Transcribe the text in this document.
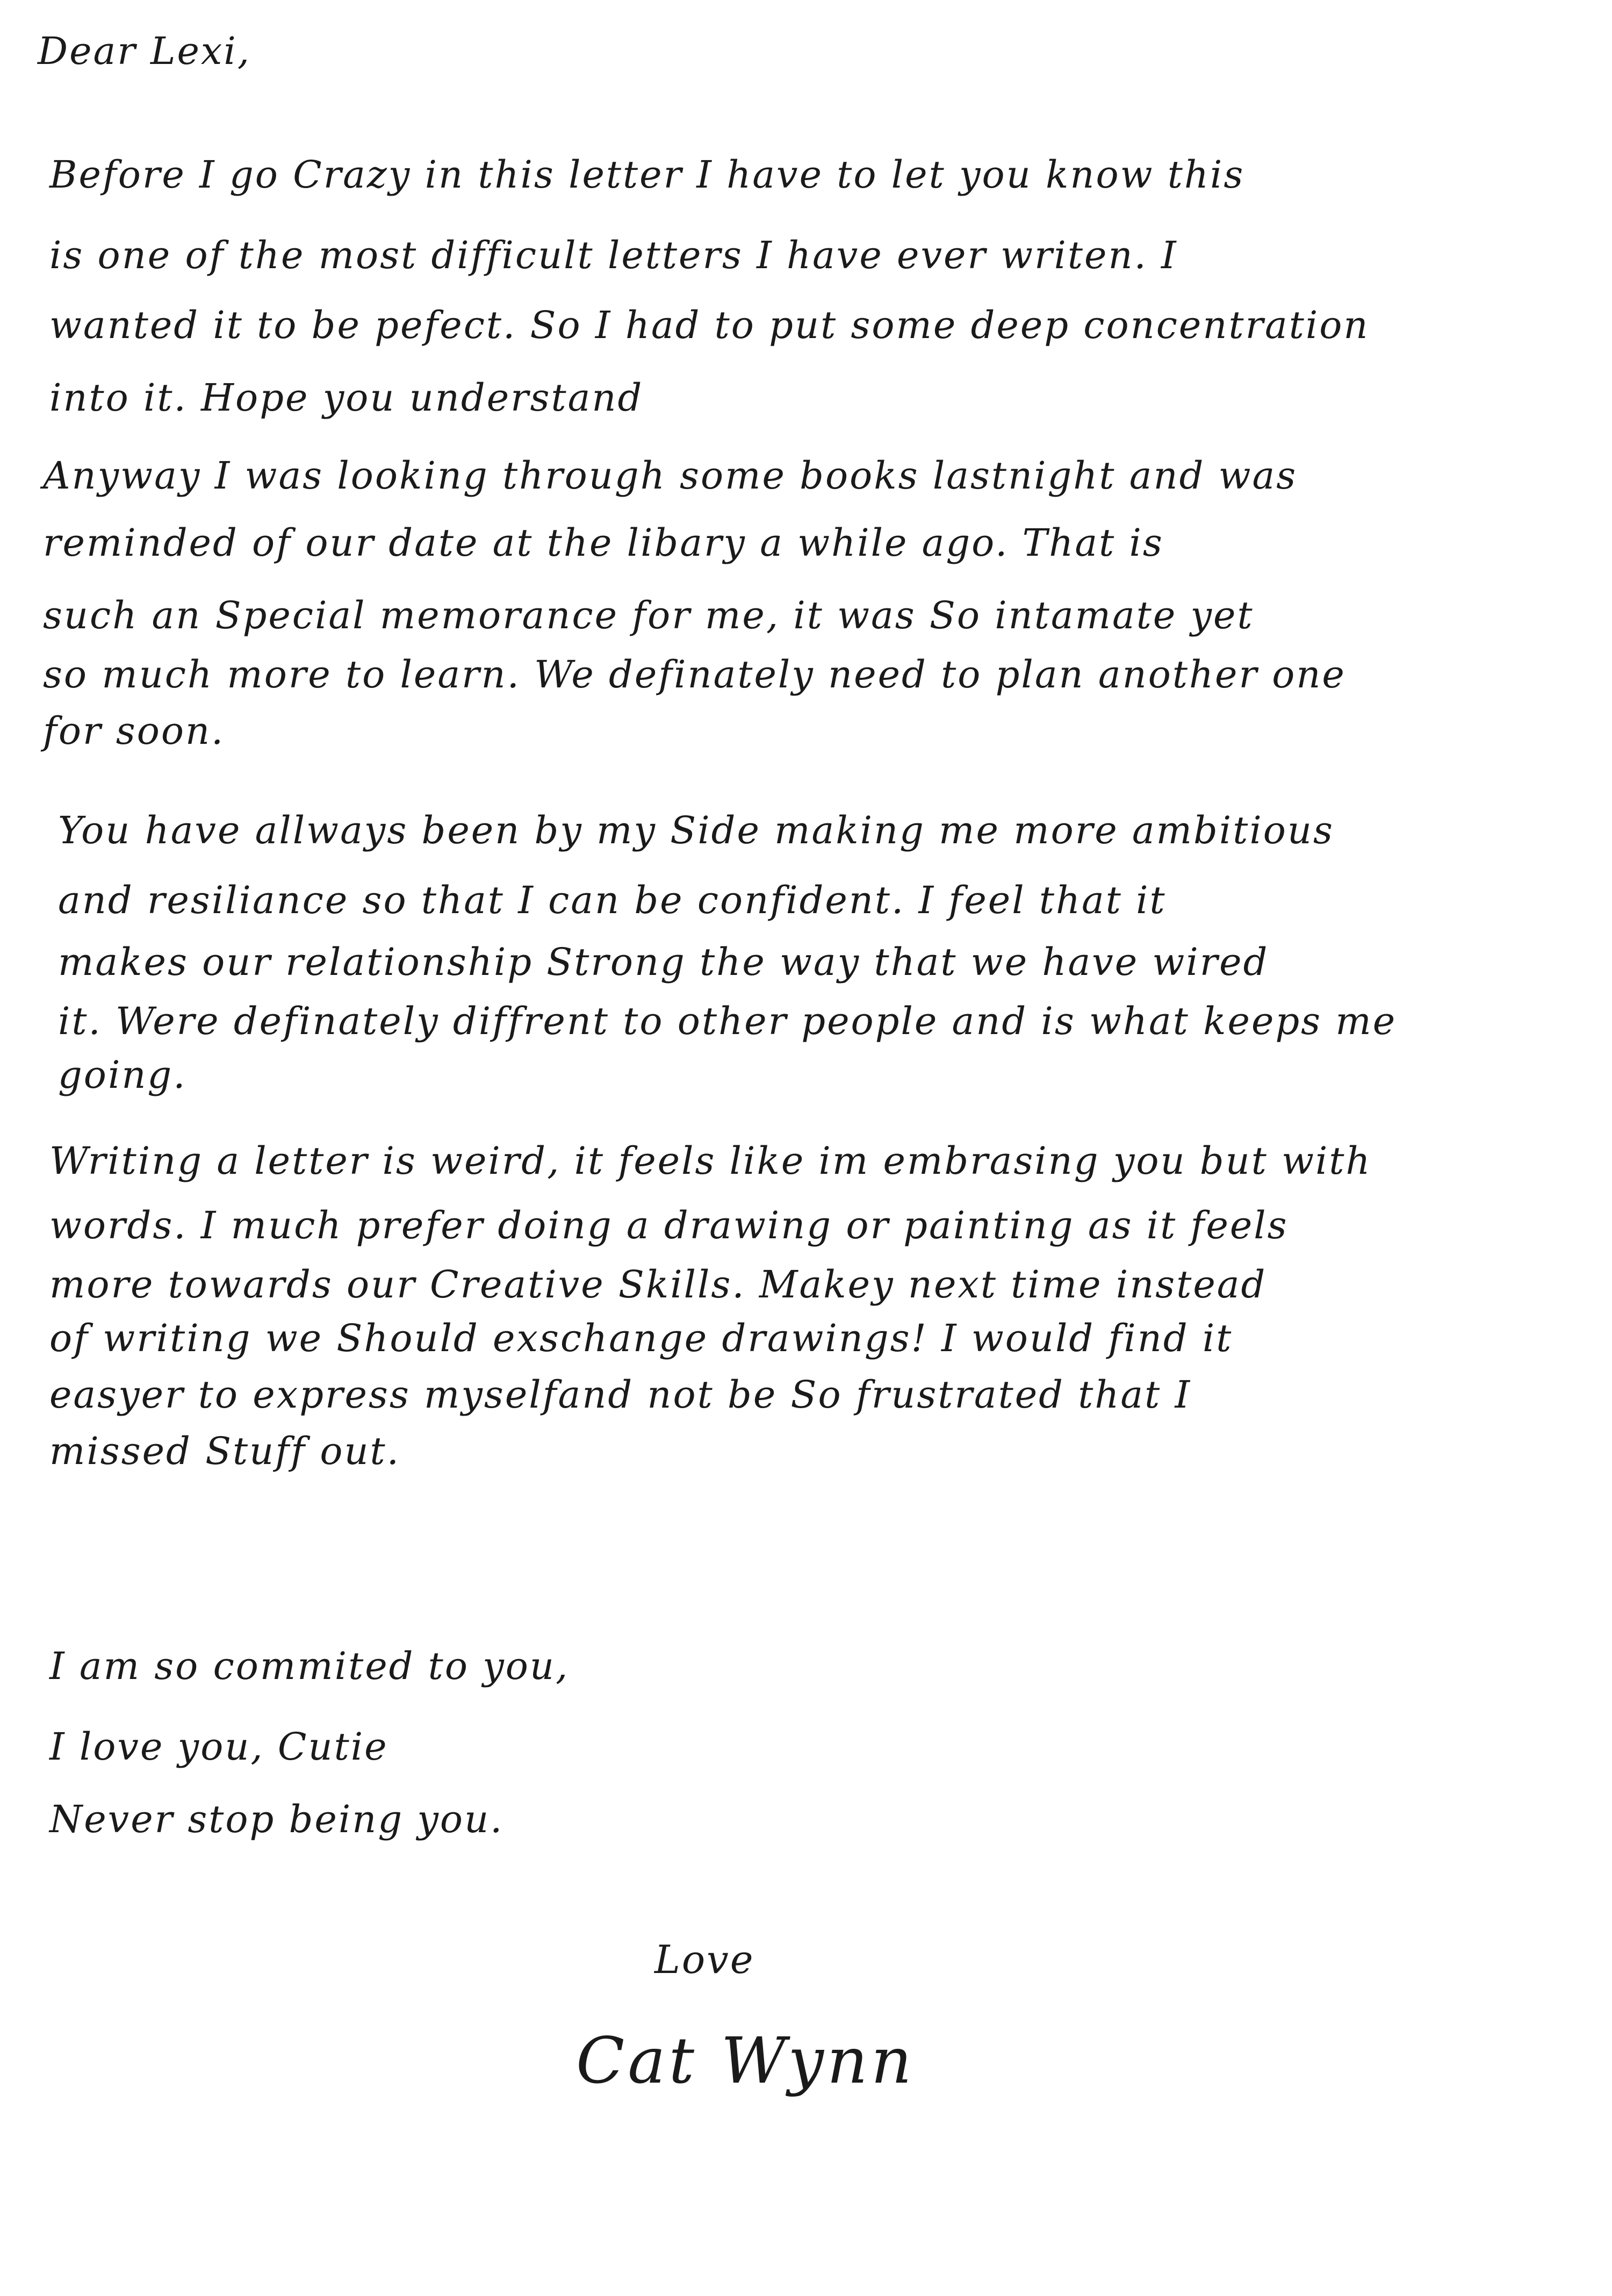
Dear Lexi,
Before I go Crazy in this letter I have to let you know this
is one of the most difficult letters I have ever writen. I
wanted it to be pefect. So I had to put some deep concentration
into it. Hope you understand
Anyway I was looking through some books lastnight and was
reminded of our date at the libary a while ago. That is
such an Special memorance for me, it was So intamate yet
so much more to learn. We definately need to plan another one
for soon.
You have allways been by my Side making me more ambitious
and resiliance so that I can be confident. I feel that it
makes our relationship Strong the way that we have wired
it. Were definately diffrent to other people and is what keeps me
going.
Writing a letter is weird, it feels like im embrasing you but with
words. I much prefer doing a drawing or painting as it feels
more towards our Creative Skills. Makey next time instead
of writing we Should exschange drawings! I would find it
easyer to express myselfand not be So frustrated that I
missed Stuff out.
I am so commited to you,
I love you, Cutie
Never stop being you.
Love
Cat Wynn
